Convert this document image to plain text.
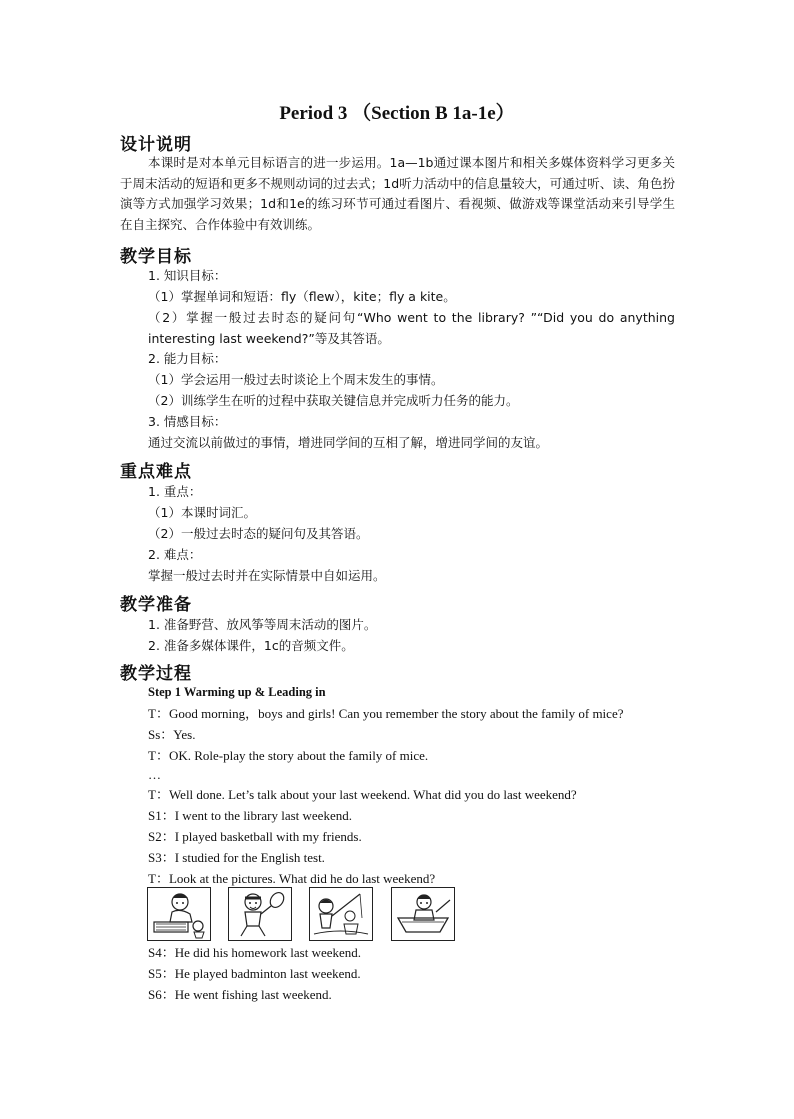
Period 3 （Section B 1a-1e）
设计说明
本课时是对本单元目标语言的进一步运用。1a—1b通过课本图片和相关多媒体资料学习更多关于周末活动的短语和更多不规则动词的过去式；1d听力活动中的信息量较大，可通过听、读、角色扮演等方式加强学习效果；1d和1e的练习环节可通过看图片、看视频、做游戏等课堂活动来引导学生在自主探究、合作体验中有效训练。
教学目标
1. 知识目标：
（1）掌握单词和短语：fly（flew），kite；fly a kite。
（2）掌握一般过去时态的疑问句“Who went to the library? ”“Did you do anything interesting last weekend?”等及其答语。
2. 能力目标：
（1）学会运用一般过去时谈论上个周末发生的事情。
（2）训练学生在听的过程中获取关键信息并完成听力任务的能力。
3. 情感目标：
通过交流以前做过的事情，增进同学间的互相了解，增进同学间的友谊。
重点难点
1. 重点：
（1）本课时词汇。
（2）一般过去时态的疑问句及其答语。
2. 难点：
掌握一般过去时并在实际情景中自如运用。
教学准备
1. 准备野营、放风筝等周末活动的图片。
2. 准备多媒体课件，1c的音频文件。
教学过程
Step 1 Warming up & Leading in
T：Good morning，boys and girls! Can you remember the story about the family of mice?
Ss：Yes.
T：OK. Role-play the story about the family of mice.
…
T：Well done. Let’s talk about your last weekend. What did you do last weekend?
S1：I went to the library last weekend.
S2：I played basketball with my friends.
S3：I studied for the English test.
T：Look at the pictures. What did he do last weekend?
S4：He did his homework last weekend.
S5：He played badminton last weekend.
S6：He went fishing last weekend.
